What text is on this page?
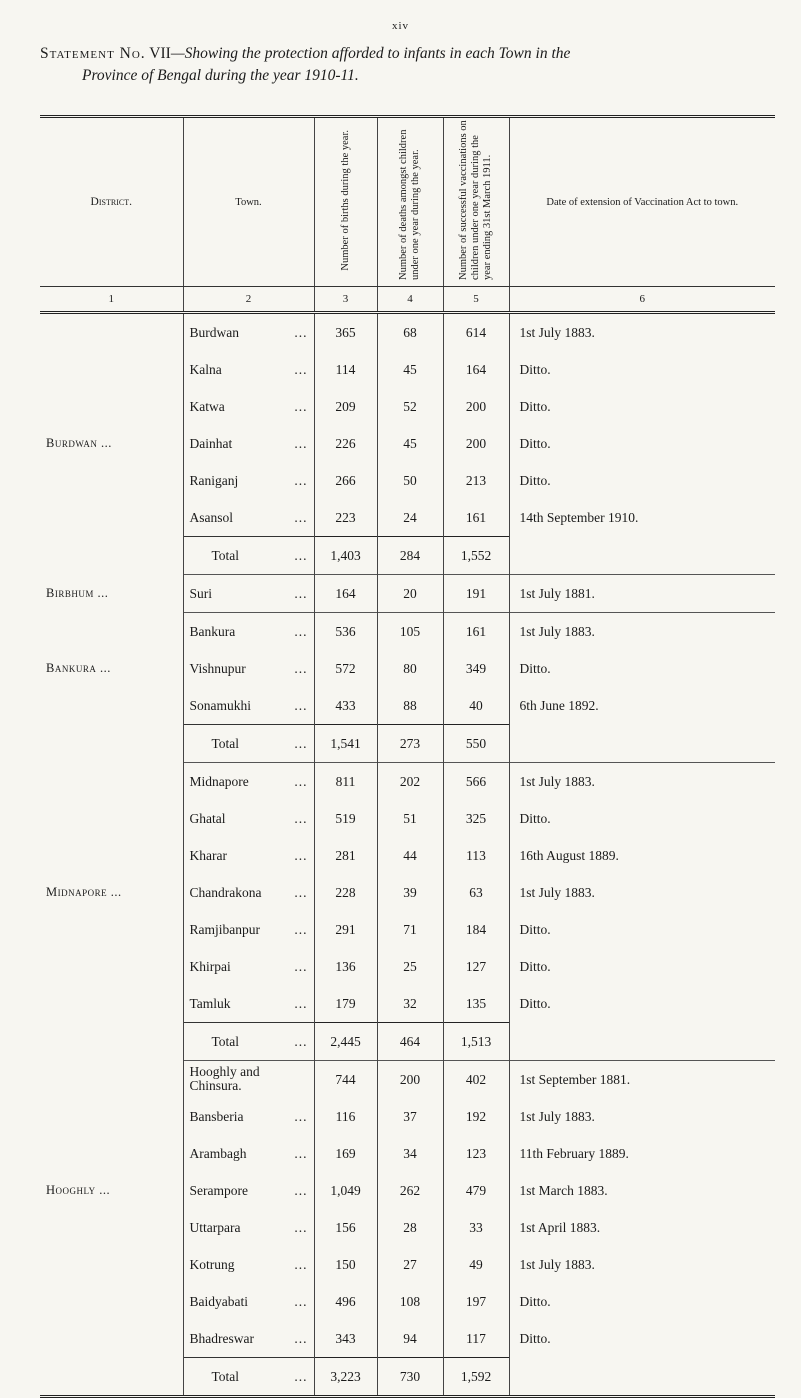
xiv
Statement No. VII—Showing the protection afforded to infants in each Town in the
Province of Bengal during the year 1910-11.
District.	Town.	Number of births during the year.	Number of deaths amongst children under one year during the year.	Number of successful vaccinations on children under one year during the year ending 31st March 1911.	Date of extension of Vaccination Act to town.
1	2	3	4	5	6
	Burdwan ...	365	68	614	1st July 1883.
	Kalna ...	114	45	164	Ditto.
	Katwa ...	209	52	200	Ditto.
Burdwan ...	Dainhat ...	226	45	200	Ditto.
	Raniganj ...	266	50	213	Ditto.
	Asansol ...	223	24	161	14th September 1910.
	Total ...	1,403	284	1,552	
Birbhum ...	Suri ...	164	20	191	1st July 1881.
	Bankura ...	536	105	161	1st July 1883.
Bankura ...	Vishnupur ...	572	80	349	Ditto.
	Sonamukhi ...	433	88	40	6th June 1892.
	Total ...	1,541	273	550	
	Midnapore ...	811	202	566	1st July 1883.
	Ghatal ...	519	51	325	Ditto.
	Kharar ...	281	44	113	16th August 1889.
Midnapore ...	Chandrakona ...	228	39	63	1st July 1883.
	Ramjibanpur ...	291	71	184	Ditto.
	Khirpai ...	136	25	127	Ditto.
	Tamluk ...	179	32	135	Ditto.
	Total ...	2,445	464	1,513	
	Hooghly and Chinsura.	744	200	402	1st September 1881.
	Bansberia ...	116	37	192	1st July 1883.
	Arambagh ...	169	34	123	11th February 1889.
Hooghly ...	Serampore ...	1,049	262	479	1st March 1883.
	Uttarpara ...	156	28	33	1st April 1883.
	Kotrung ...	150	27	49	1st July 1883.
	Baidyabati ...	496	108	197	Ditto.
	Bhadreswar ...	343	94	117	Ditto.
	Total ...	3,223	730	1,592	
